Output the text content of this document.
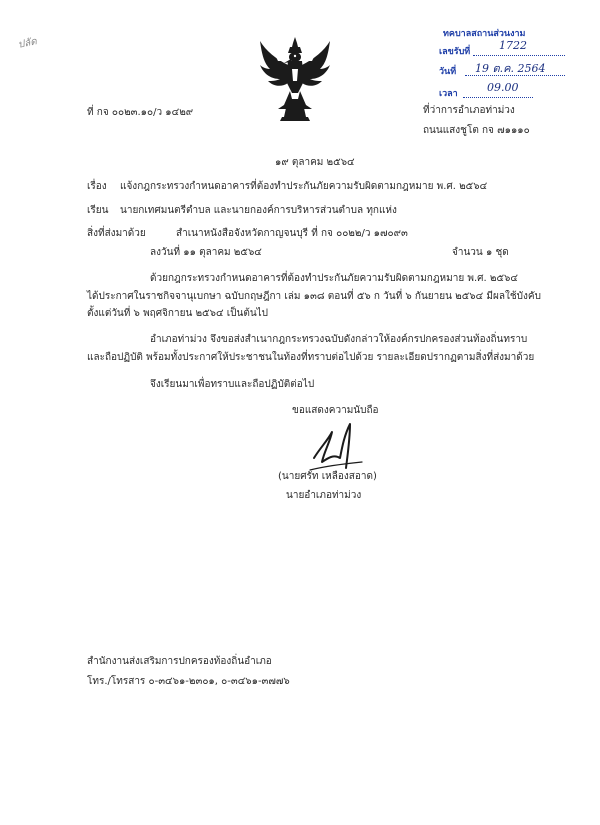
ปลัด
ทคบาลสถานส่วนงาม
เลขรับที่	1722
วันที่ 19 ต.ค. 2564
เวลา	09.00
ที่ กจ ๐๐๒๓.๑๐/ว ๑๔๒๙	ที่ว่าการอำเภอท่าม่วง
ถนนแสงชูโต กจ ๗๑๑๑๐
๑๙ ตุลาคม ๒๕๖๔
เรื่อง แจ้งกฎกระทรวงกำหนดอาคารที่ต้องทำประกันภัยความรับผิดตามกฎหมาย พ.ศ. ๒๕๖๔
เรียน นายกเทศมนตรีตำบล และนายกองค์การบริหารส่วนตำบล ทุกแห่ง
สิ่งที่ส่งมาด้วย	สำเนาหนังสือจังหวัดกาญจนบุรี ที่ กจ ๐๐๒๒/ว ๑๗๐๙๓
ลงวันที่ ๑๑ ตุลาคม ๒๕๖๔	จำนวน ๑ ชุด
ด้วยกฎกระทรวงกำหนดอาคารที่ต้องทำประกันภัยความรับผิดตามกฎหมาย พ.ศ. ๒๕๖๔
ได้ประกาศในราชกิจจานุเบกษา ฉบับกฤษฎีกา เล่ม ๑๓๘ ตอนที่ ๕๖ ก วันที่ ๖ กันยายน ๒๕๖๔ มีผลใช้บังคับ
ตั้งแต่วันที่ ๖ พฤศจิกายน ๒๕๖๔ เป็นต้นไป
อำเภอท่าม่วง จึงขอส่งสำเนากฎกระทรวงฉบับดังกล่าวให้องค์กรปกครองส่วนท้องถิ่นทราบ
และถือปฏิบัติ พร้อมทั้งประกาศให้ประชาชนในท้องที่ทราบต่อไปด้วย รายละเอียดปรากฏตามสิ่งที่ส่งมาด้วย
จึงเรียนมาเพื่อทราบและถือปฏิบัติต่อไป
ขอแสดงความนับถือ
(นายศรัท เหลืองสอาด)
นายอำเภอท่าม่วง
สำนักงานส่งเสริมการปกครองท้องถิ่นอำเภอ
โทร./โทรสาร ๐-๓๔๖๑-๒๓๐๑, ๐-๓๔๖๑-๓๗๗๖
